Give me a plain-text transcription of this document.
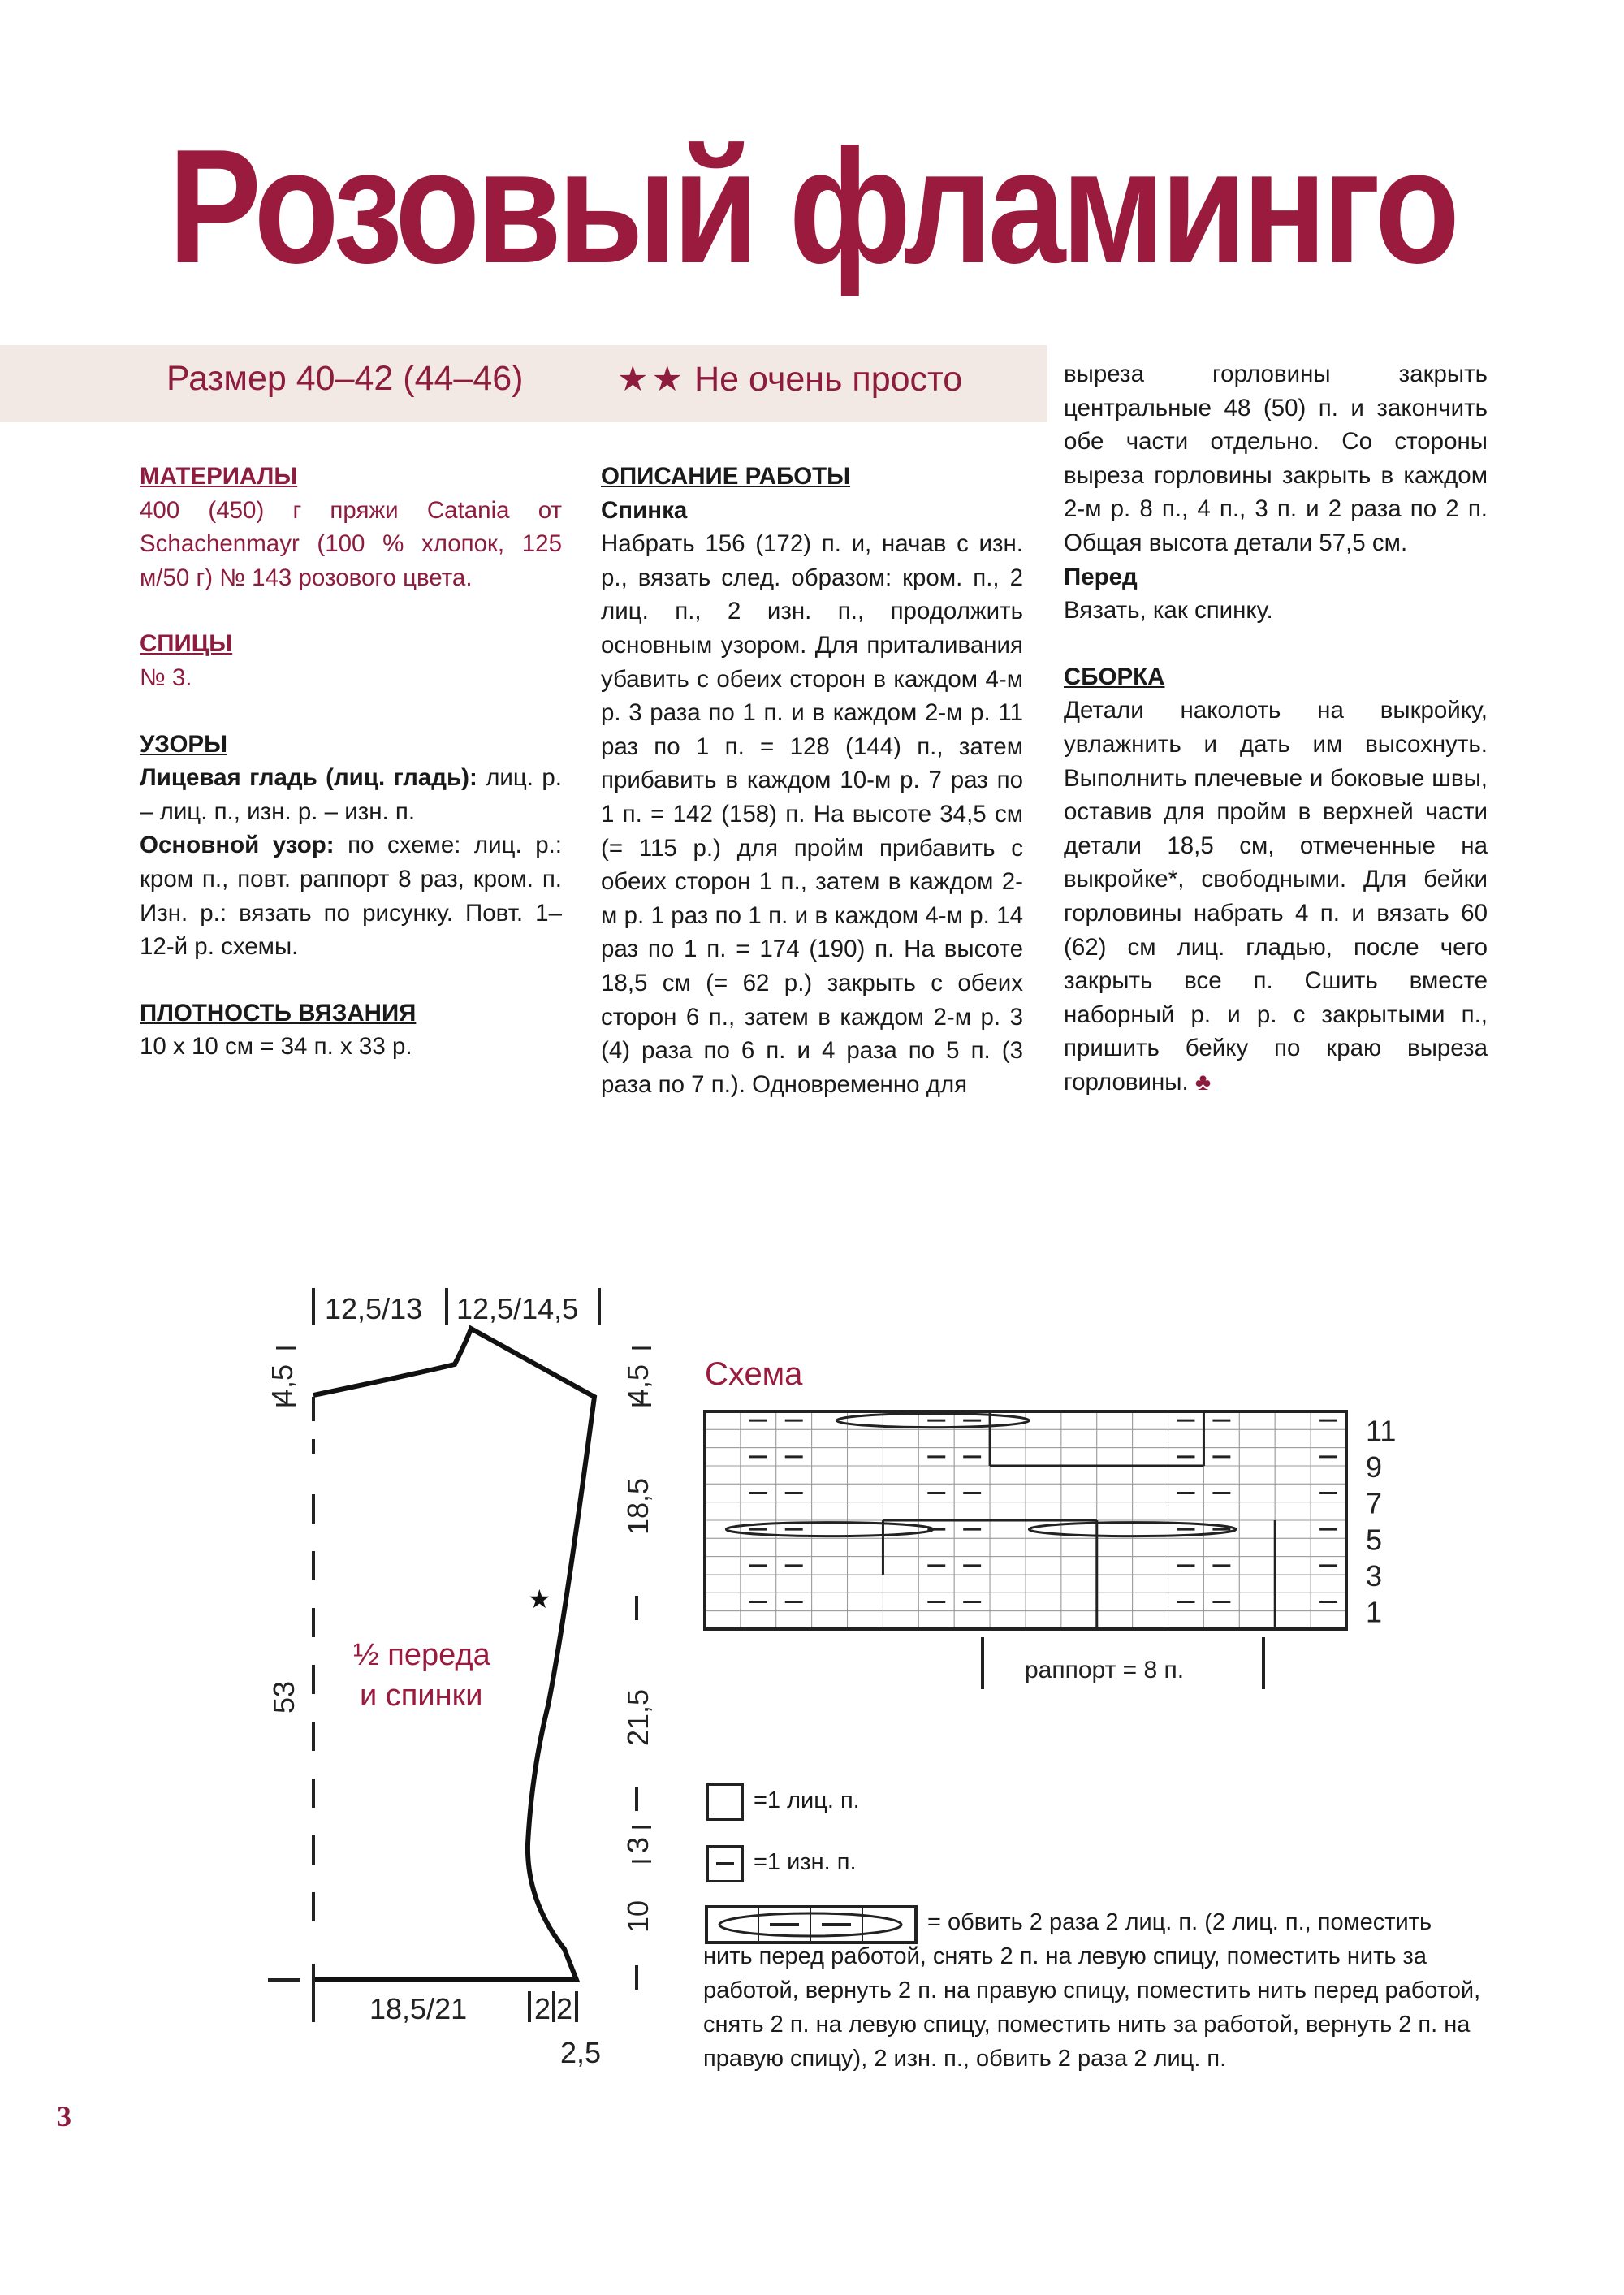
Розовый фламинго
Размер 40–42 (44–46)	★★ Не очень просто

МАТЕРИАЛЫ

400 (450) г пряжи Catania от Schachenmayr (100 % хлопок, 125 м/50 г) № 143 розового цвета.

СПИЦЫ

№ 3.

УЗОРЫ

Лицевая гладь (лиц. гладь): лиц. р. – лиц. п., изн. р. – изн. п.

Основной узор: по схеме: лиц. р.: кром п., повт. раппорт 8 раз, кром. п. Изн. р.: вязать по рисунку. Повт. 1–12-й р. схемы.

ПЛОТНОСТЬ ВЯЗАНИЯ

10 x 10 см = 34 п. x 33 р.

ОПИСАНИЕ РАБОТЫ

Спинка

Набрать 156 (172) п. и, начав с изн. р., вязать след. образом: кром. п., 2 лиц. п., 2 изн. п., продолжить основным узором. Для приталивания убавить с обеих сторон в каждом 4-м р. 3 раза по 1 п. и в каждом 2-м р. 11 раз по 1 п. = 128 (144) п., затем прибавить в каждом 10-м р. 7 раз по 1 п. = 142 (158) п. На высоте 34,5 см (= 115 р.) для пройм прибавить с обеих сторон 1 п., затем в каждом 2-м р. 1 раз по 1 п. и в каждом 4-м р. 14 раз по 1 п. = 174 (190) п. На высоте 18,5 см (= 62 р.) закрыть с обеих сторон 6 п., затем в каждом 2-м р. 3 (4) раза по 6 п. и 4 раза по 5 п. (3 раза по 7 п.). Одновременно для

выреза горловины закрыть центральные 48 (50) п. и закончить обе части отдельно. Со стороны выреза горловины закрыть в каждом 2-м р. 8 п., 4 п., 3 п. и 2 раза по 2 п. Общая высота детали 57,5 см.

Перед

Вязать, как спинку.

СБОРКА

Детали наколоть на выкройку, увлажнить и дать им высохнуть. Выполнить плечевые и боковые швы, оставив для пройм в верхней части детали 18,5 см, отмеченные на выкройке*, свободными. Для бейки горловины набрать 4 п. и вязать 60 (62) см лиц. гладью, после чего закрыть все п. Сшить вместе наборный р. и р. с закрытыми п., пришить бейку по краю выреза горловины. ♣

12,5/13 12,5/14,5
4,5
53
4,5
18,5
21,5
3
10
★
½ переда
и спинки
18,5/21 2 2
2,5
Схема
11
9
7
5
3
1
раппорт = 8 п.
=1 лиц. п.
=1 изн. п.
= обвить 2 раза 2 лиц. п. (2 лиц. п., поместить нить перед работой, снять 2 п. на левую спицу, поместить нить за работой, вернуть 2 п. на правую спицу, поместить нить перед работой, снять 2 п. на левую спицу, поместить нить за работой, вернуть 2 п. на правую спицу), 2 изн. п., обвить 2 раза 2 лиц. п.
3
